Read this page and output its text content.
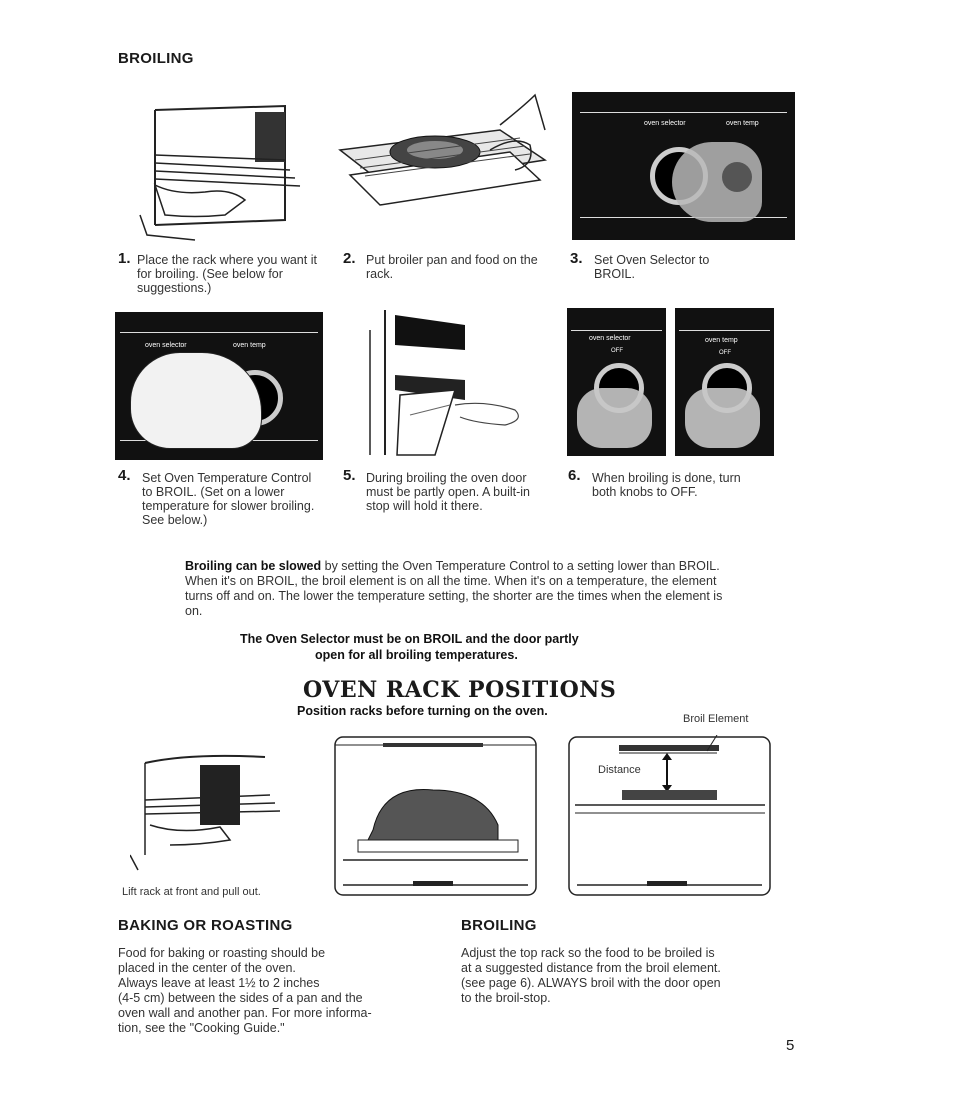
BROILING
oven selector	oven temp
1. Place the rack where you want it for broiling. (See below for suggestions.)
2. Put broiler pan and food on the rack.
3. Set Oven Selector to BROIL.
oven selector	oven temp
oven selector
OFF
oven temp
OFF
4. Set Oven Temperature Control to BROIL. (Set on a lower temperature for slower broiling. See below.)
5. During broiling the oven door must be partly open. A built-in stop will hold it there.
6. When broiling is done, turn both knobs to OFF.
Broiling can be slowed by setting the Oven Temperature Control to a setting lower than BROIL. When it's on BROIL, the broil element is on all the time. When it's on a temperature, the element turns off and on. The lower the temperature setting, the shorter are the times when the element is on.
The Oven Selector must be on BROIL and the door partly
open for all broiling temperatures.
OVEN RACK POSITIONS
Position racks before turning on the oven.
Broil Element
Lift rack at front and pull out.
Distance
BAKING OR ROASTING
Food for baking or roasting should be
placed in the center of the oven.
Always leave at least 1½ to 2 inches
(4-5 cm) between the sides of a pan and the
oven wall and another pan. For more informa-
tion, see the "Cooking Guide."
BROILING
Adjust the top rack so the food to be broiled is
at a suggested distance from the broil element.
(see page 6). ALWAYS broil with the door open
to the broil-stop.
5
